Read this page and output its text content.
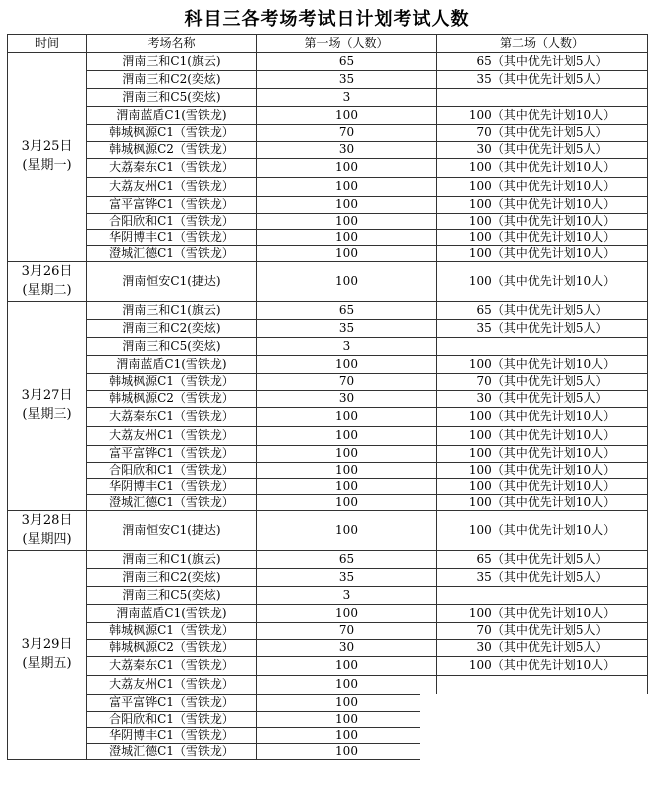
科目三各考场考试日计划考试人数
时间	考场名称	第一场（人数）	第二场（人数）
3月25日
(星期一)	渭南三和C1(旗云)	65	65（其中优先计划5人）
	渭南三和C2(奕炫)	35	35（其中优先计划5人）
	渭南三和C5(奕炫)	3	
	渭南蓝盾C1(雪铁龙)	100	100（其中优先计划10人）
	韩城枫源C1（雪铁龙）	70	70（其中优先计划5人）
	韩城枫源C2（雪铁龙）	30	30（其中优先计划5人）
	大荔秦东C1（雪铁龙）	100	100（其中优先计划10人）
	大荔友州C1（雪铁龙）	100	100（其中优先计划10人）
	富平富铧C1（雪铁龙）	100	100（其中优先计划10人）
	合阳欣和C1（雪铁龙）	100	100（其中优先计划10人）
	华阴博丰C1（雪铁龙）	100	100（其中优先计划10人）
	澄城汇德C1（雪铁龙）	100	100（其中优先计划10人）
3月26日
(星期二)	渭南恒安C1(捷达)	100	100（其中优先计划10人）
3月27日
(星期三)	渭南三和C1(旗云)	65	65（其中优先计划5人）
	渭南三和C2(奕炫)	35	35（其中优先计划5人）
	渭南三和C5(奕炫)	3	
	渭南蓝盾C1(雪铁龙)	100	100（其中优先计划10人）
	韩城枫源C1（雪铁龙）	70	70（其中优先计划5人）
	韩城枫源C2（雪铁龙）	30	30（其中优先计划5人）
	大荔秦东C1（雪铁龙）	100	100（其中优先计划10人）
	大荔友州C1（雪铁龙）	100	100（其中优先计划10人）
	富平富铧C1（雪铁龙）	100	100（其中优先计划10人）
	合阳欣和C1（雪铁龙）	100	100（其中优先计划10人）
	华阴博丰C1（雪铁龙）	100	100（其中优先计划10人）
	澄城汇德C1（雪铁龙）	100	100（其中优先计划10人）
3月28日
(星期四)	渭南恒安C1(捷达)	100	100（其中优先计划10人）
3月29日
(星期五)	渭南三和C1(旗云)	65	65（其中优先计划5人）
	渭南三和C2(奕炫)	35	35（其中优先计划5人）
	渭南三和C5(奕炫)	3	
	渭南蓝盾C1(雪铁龙)	100	100（其中优先计划10人）
	韩城枫源C1（雪铁龙）	70	70（其中优先计划5人）
	韩城枫源C2（雪铁龙）	30	30（其中优先计划5人）
	大荔秦东C1（雪铁龙）	100	100（其中优先计划10人）
	大荔友州C1（雪铁龙）	100	
	富平富铧C1（雪铁龙）	100	
	合阳欣和C1（雪铁龙）	100	
	华阴博丰C1（雪铁龙）	100	
	澄城汇德C1（雪铁龙）	100	
